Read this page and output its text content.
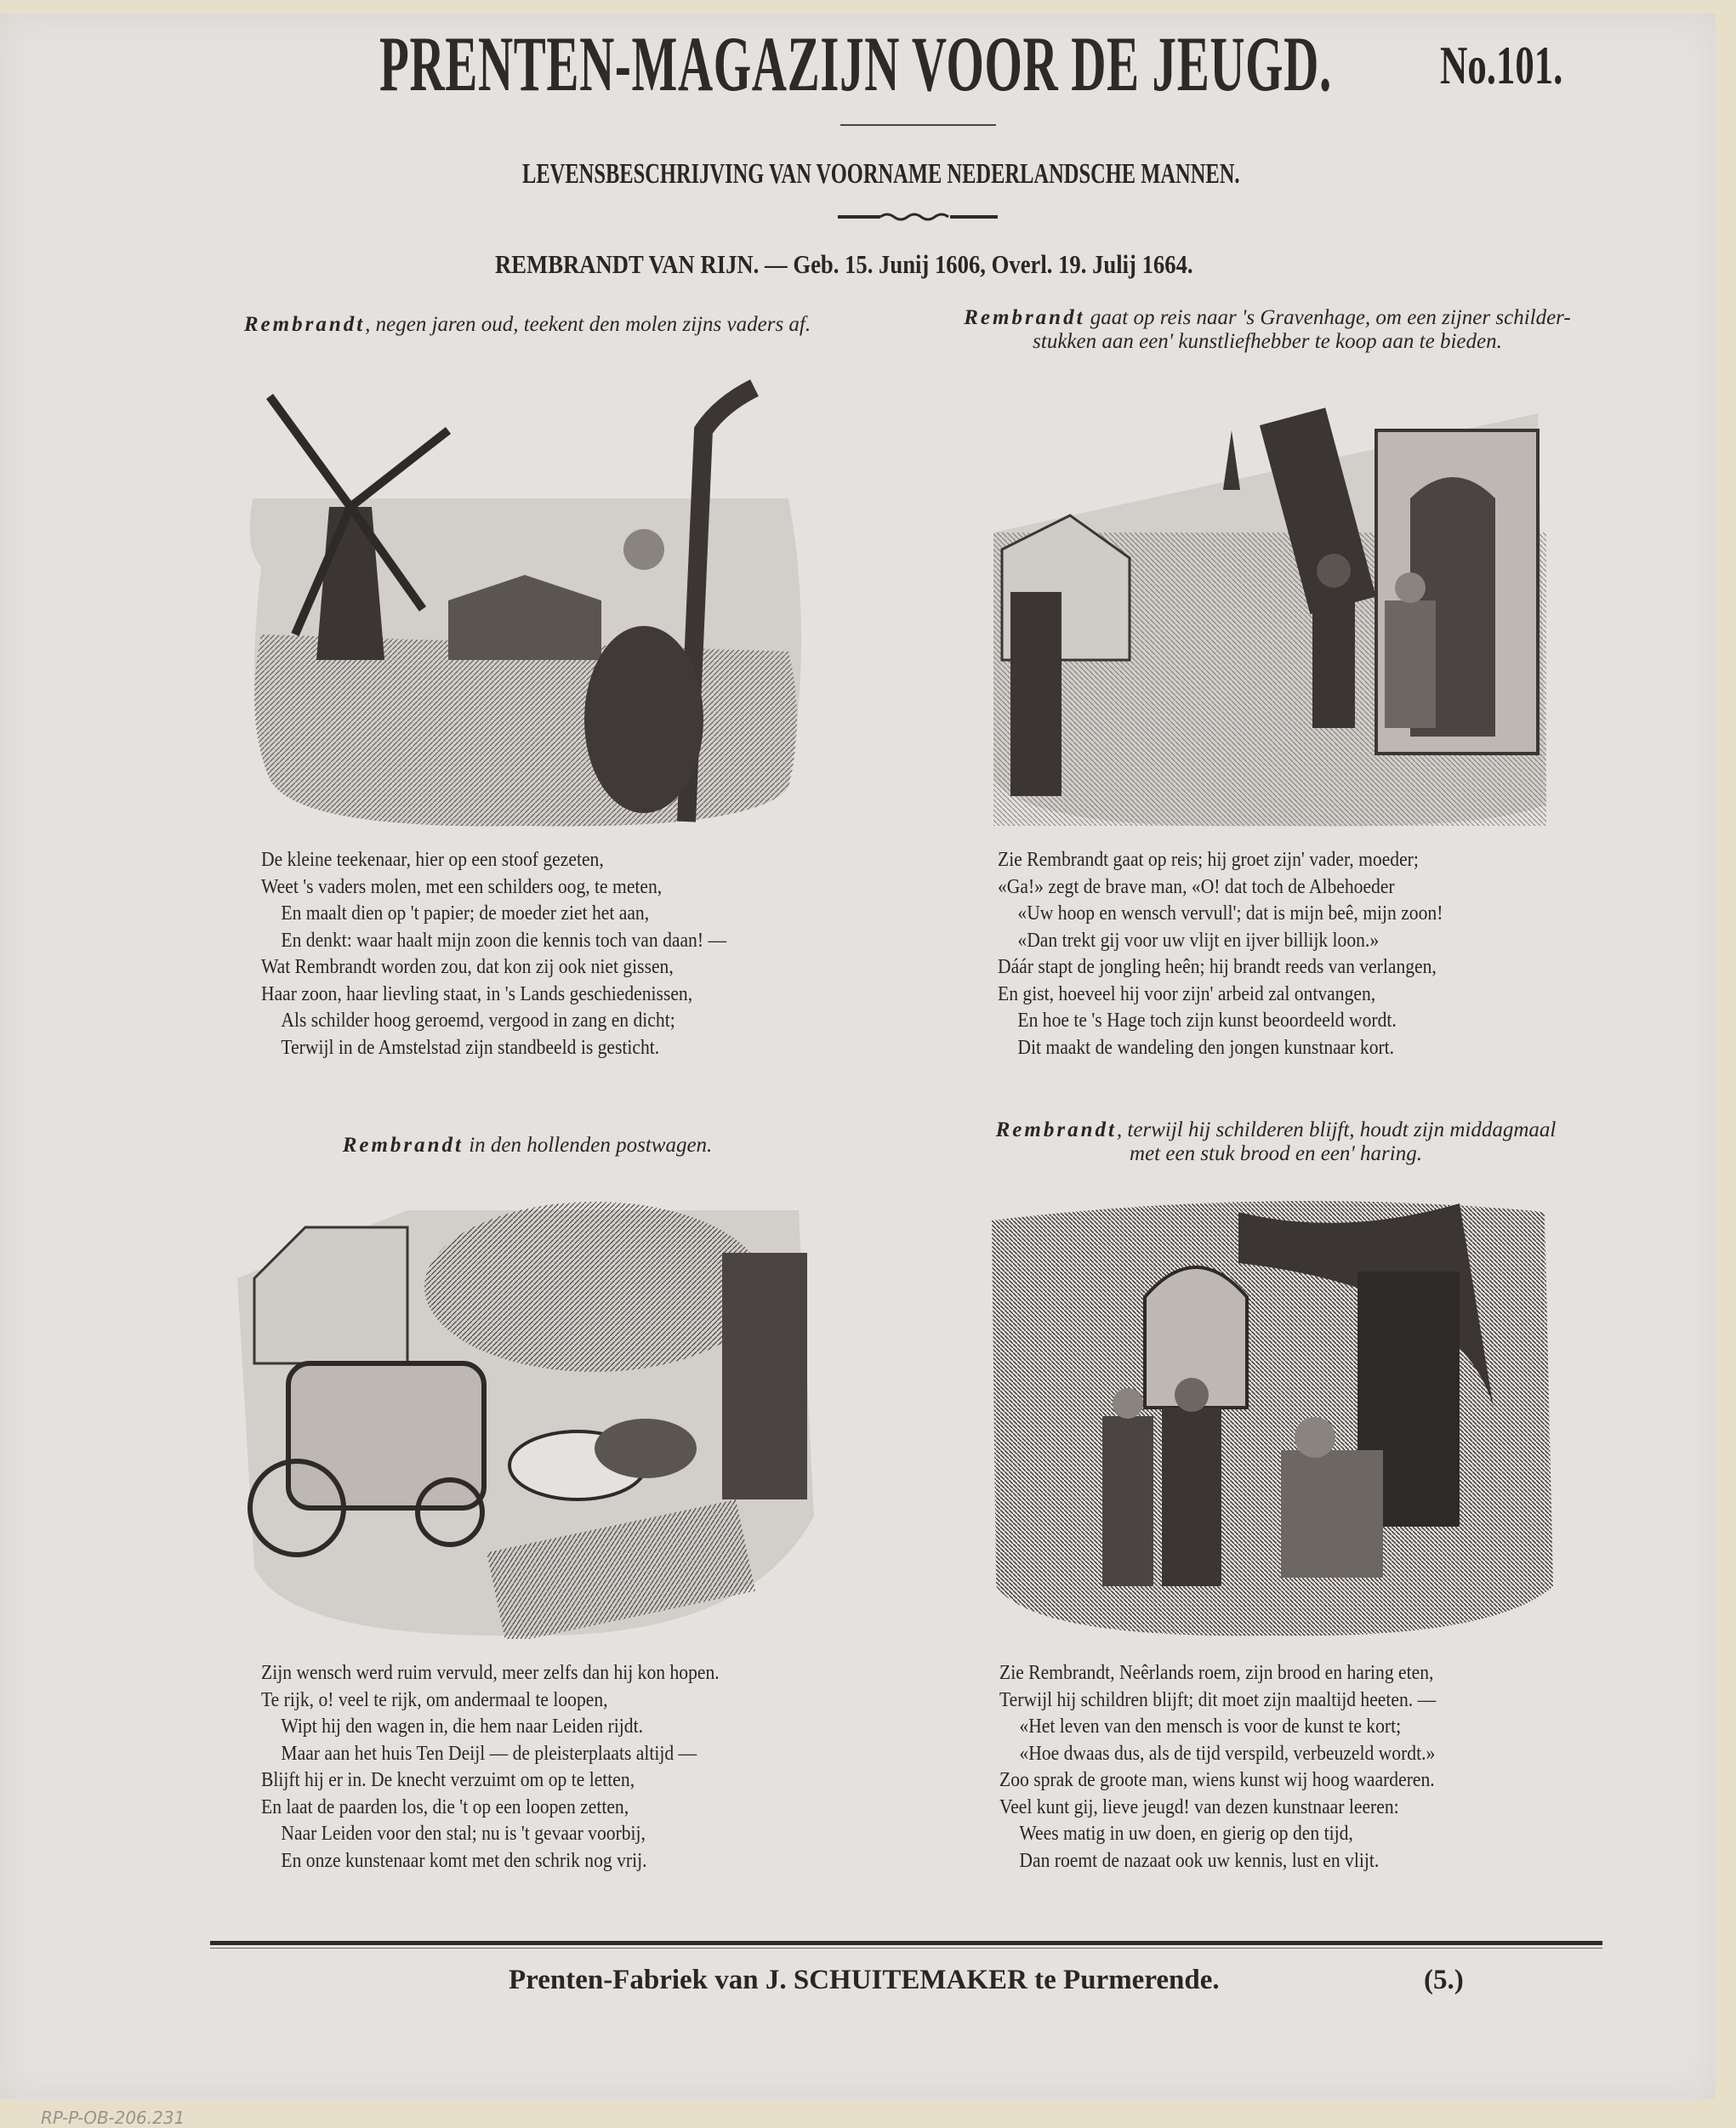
PRENTEN-MAGAZIJN VOOR DE JEUGD. No.101.
LEVENSBESCHRIJVING VAN VOORNAME NEDERLANDSCHE MANNEN.
REMBRANDT VAN RIJN. — Geb. 15. Junij 1606, Overl. 19. Julij 1664.
Rembrandt, negen jaren oud, teekent den molen zijns vaders af.	Rembrandt gaat op reis naar 's Gravenhage, om een zijner schilder-
stukken aan een' kunstliefhebber te koop aan te bieden.
Rembrandt in den hollenden postwagen.
Rembrandt, terwijl hij schilderen blijft, houdt zijn middagmaal
met een stuk brood en een' haring.
De kleine teekenaar, hier op een stoof gezeten,
Weet 's vaders molen, met een schilders oog, te meten,
En maalt dien op 't papier; de moeder ziet het aan,
En denkt: waar haalt mijn zoon die kennis toch van daan! —
Wat Rembrandt worden zou, dat kon zij ook niet gissen,
Haar zoon, haar lievling staat, in 's Lands geschiedenissen,
Als schilder hoog geroemd, vergood in zang en dicht;
Terwijl in de Amstelstad zijn standbeeld is gesticht.
Zie Rembrandt gaat op reis; hij groet zijn' vader, moeder;
«Ga!» zegt de brave man, «O! dat toch de Albehoeder
«Uw hoop en wensch vervull'; dat is mijn beê, mijn zoon!
«Dan trekt gij voor uw vlijt en ijver billijk loon.»
Dáár stapt de jongling heên; hij brandt reeds van verlangen,
En gist, hoeveel hij voor zijn' arbeid zal ontvangen,
En hoe te 's Hage toch zijn kunst beoordeeld wordt.
Dit maakt de wandeling den jongen kunstnaar kort.
Zijn wensch werd ruim vervuld, meer zelfs dan hij kon hopen.
Te rijk, o! veel te rijk, om andermaal te loopen,
Wipt hij den wagen in, die hem naar Leiden rijdt.
Maar aan het huis Ten Deijl — de pleisterplaats altijd —
Blijft hij er in. De knecht verzuimt om op te letten,
En laat de paarden los, die 't op een loopen zetten,
Naar Leiden voor den stal; nu is 't gevaar voorbij,
En onze kunstenaar komt met den schrik nog vrij.
Zie Rembrandt, Neêrlands roem, zijn brood en haring eten,
Terwijl hij schildren blijft; dit moet zijn maaltijd heeten. —
«Het leven van den mensch is voor de kunst te kort;
«Hoe dwaas dus, als de tijd verspild, verbeuzeld wordt.»
Zoo sprak de groote man, wiens kunst wij hoog waarderen.
Veel kunt gij, lieve jeugd! van dezen kunstnaar leeren:
Wees matig in uw doen, en gierig op den tijd,
Dan roemt de nazaat ook uw kennis, lust en vlijt.
Prenten-Fabriek van J. SCHUITEMAKER te Purmerende.	(5.)
RP-P-OB-206.231
